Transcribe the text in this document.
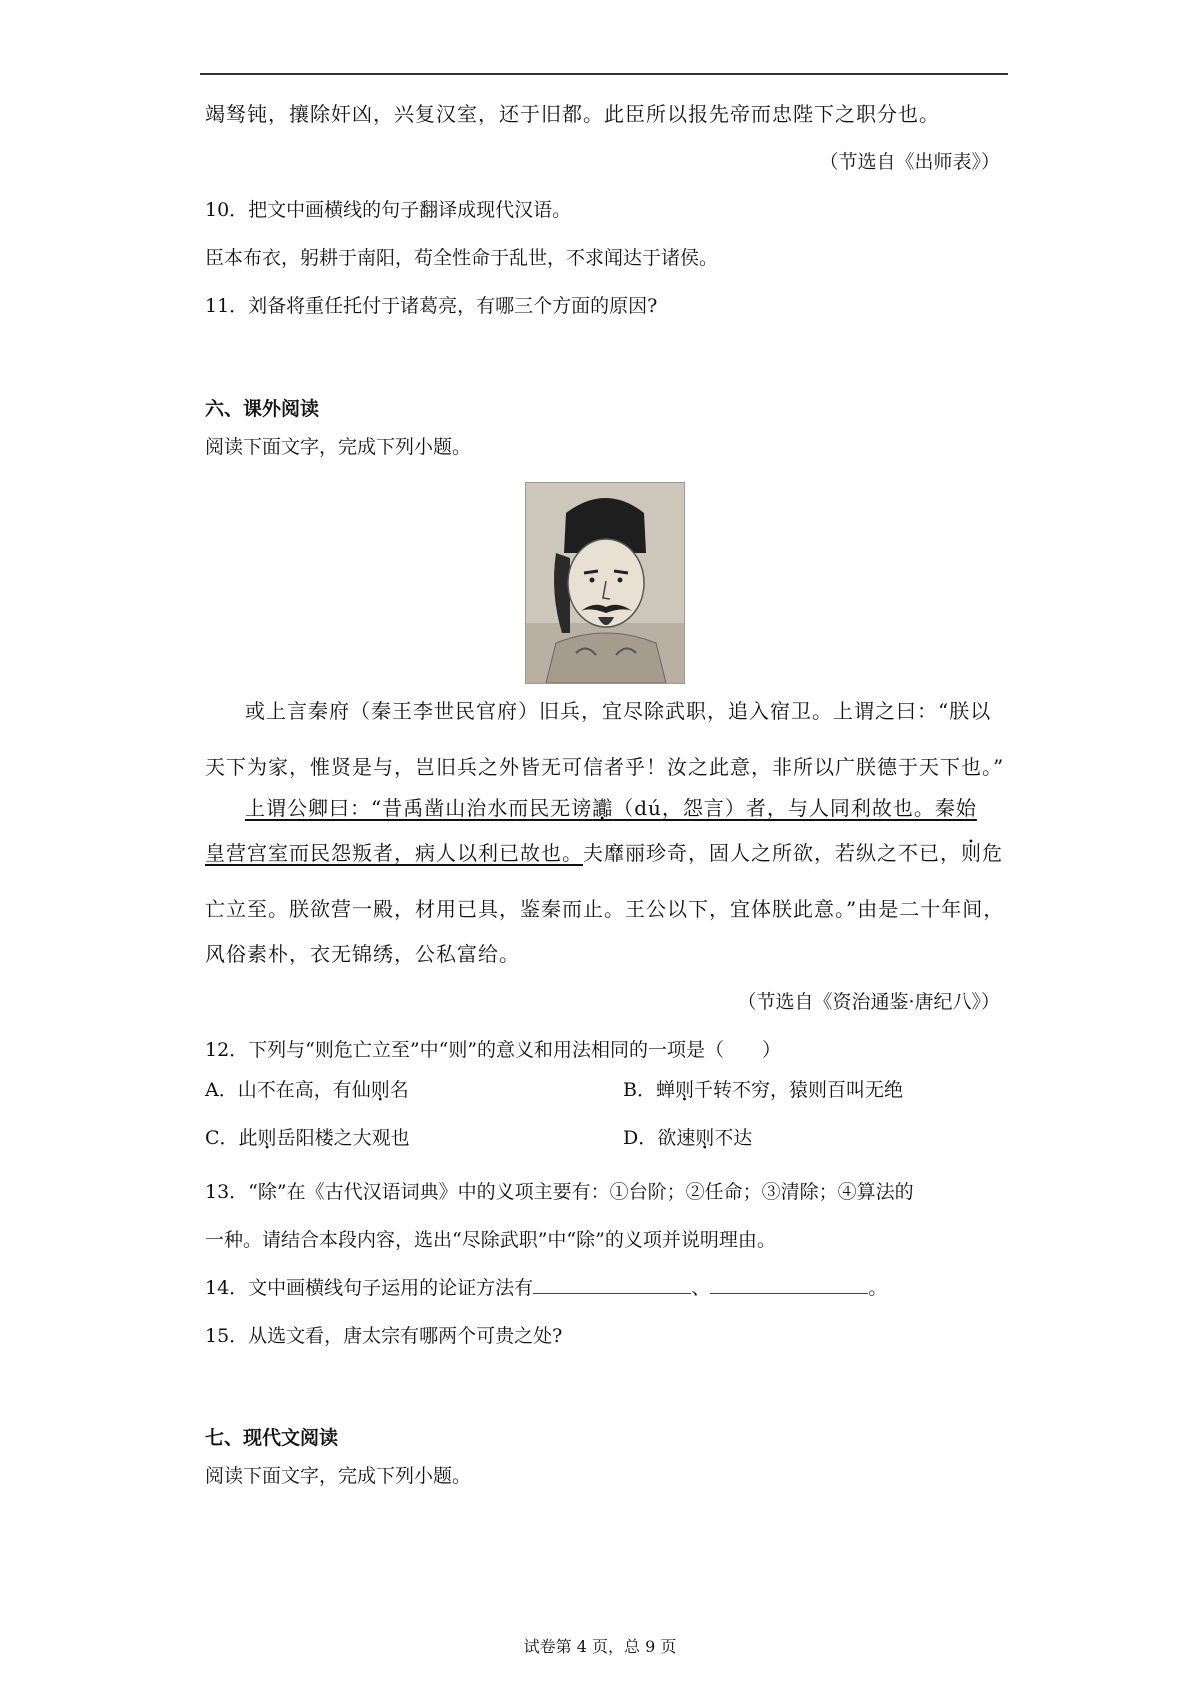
竭驽钝，攘除奸凶，兴复汉室，还于旧都。此臣所以报先帝而忠陛下之职分也。
（节选自《出师表》）
10．把文中画横线的句子翻译成现代汉语。
臣本布衣，躬耕于南阳，苟全性命于乱世，不求闻达于诸侯。
11．刘备将重任托付于诸葛亮，有哪三个方面的原因?
六、课外阅读
阅读下面文字，完成下列小题。
或上言秦府（秦王李世民官府）旧兵，宜尽除武职，追入宿卫。上谓之曰：“朕以
天下为家，惟贤是与，岂旧兵之外皆无可信者乎！汝之此意，非所以广朕德于天下也。”
上谓公卿曰：“昔禹凿山治水而民无谤讟（dú，怨言）者，与人同利故也。秦始
皇营宫室而民怨叛者，病人以利已故也。夫靡丽珍奇，固人之所欲，若纵之不已，则 •危
亡立至。朕欲营一殿，材用已具，鉴秦而止。王公以下，宜体朕此意。”由是二十年间，
风俗素朴，衣无锦绣，公私富给。
（节选自《资治通鉴·唐纪八》）
12．下列与“则危亡立至”中“则”的意义和用法相同的一项是（　　）
A．山不在高，有仙则名	B．蝉则千转不穷，猿则百叫无绝
C．此则岳阳楼之大观也	D．欲速则不达
13．“除”在《古代汉语词典》中的义项主要有：①台阶；②任命；③清除；④算法的
一种。请结合本段内容，选出“尽除武职”中“除”的义项并说明理由。
14．文中画横线句子运用的论证方法有	、	。
15．从选文看，唐太宗有哪两个可贵之处?
七、现代文阅读
阅读下面文字，完成下列小题。
试卷第 4 页，总 9 页
